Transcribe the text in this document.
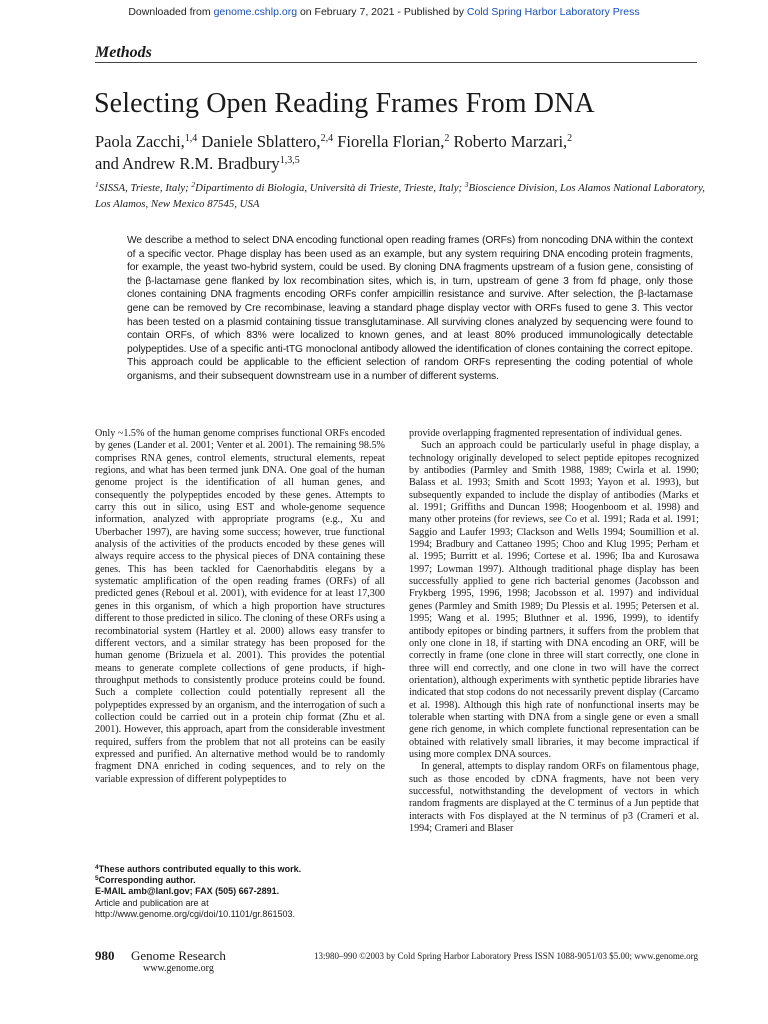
Downloaded from genome.cshlp.org on February 7, 2021 - Published by Cold Spring Harbor Laboratory Press
Methods
Selecting Open Reading Frames From DNA
Paola Zacchi,$^{1,4}$ Daniele Sblattero,$^{2,4}$ Fiorella Florian,$^2$ Roberto Marzari,$^2$
and Andrew R.M. Bradbury$^{1,3,5}$
$^1$SISSA, Trieste, Italy; $^2$Dipartimento di Biologia, Università di Trieste, Trieste, Italy; $^3$Bioscience Division, Los Alamos National Laboratory, Los Alamos, New Mexico 87545, USA
We describe a method to select DNA encoding functional open reading frames (ORFs) from noncoding DNA within the context of a specific vector. Phage display has been used as an example, but any system requiring DNA encoding protein fragments, for example, the yeast two-hybrid system, could be used. By cloning DNA fragments upstream of a fusion gene, consisting of the β-lactamase gene flanked by lox recombination sites, which is, in turn, upstream of gene 3 from fd phage, only those clones containing DNA fragments encoding ORFs confer ampicillin resistance and survive. After selection, the β-lactamase gene can be removed by Cre recombinase, leaving a standard phage display vector with ORFs fused to gene 3. This vector has been tested on a plasmid containing tissue transglutaminase. All surviving clones analyzed by sequencing were found to contain ORFs, of which 83% were localized to known genes, and at least 80% produced immunologically detectable polypeptides. Use of a specific anti-tTG monoclonal antibody allowed the identification of clones containing the correct epitope. This approach could be applicable to the efficient selection of random ORFs representing the coding potential of whole organisms, and their subsequent downstream use in a number of different systems.

Only ~1.5% of the human genome comprises functional ORFs encoded by genes (Lander et al. 2001; Venter et al. 2001). The remaining 98.5% comprises RNA genes, control elements, structural elements, repeat regions, and what has been termed junk DNA. One goal of the human genome project is the identification of all human genes, and consequently the polypeptides encoded by these genes. Attempts to carry this out in silico, using EST and whole-genome sequence information, analyzed with appropriate programs (e.g., Xu and Uberbacher 1997), are having some success; however, true functional analysis of the activities of the products encoded by these genes will always require access to the physical pieces of DNA containing these genes. This has been tackled for Caenorhabditis elegans by a systematic amplification of the open reading frames (ORFs) of all predicted genes (Reboul et al. 2001), with evidence for at least 17,300 genes in this organism, of which a high proportion have structures different to those predicted in silico. The cloning of these ORFs using a recombinatorial system (Hartley et al. 2000) allows easy transfer to different vectors, and a similar strategy has been proposed for the human genome (Brizuela et al. 2001). This provides the potential means to generate complete collections of gene products, if high-throughput methods to consistently produce proteins could be found. Such a complete collection could potentially represent all the polypeptides expressed by an organism, and the interrogation of such a collection could be carried out in a protein chip format (Zhu et al. 2001). However, this approach, apart from the considerable investment required, suffers from the problem that not all proteins can be easily expressed and purified. An alternative method would be to randomly fragment DNA enriched in coding sequences, and to rely on the variable expression of different polypeptides to

provide overlapping fragmented representation of individual genes.

Such an approach could be particularly useful in phage display, a technology originally developed to select peptide epitopes recognized by antibodies (Parmley and Smith 1988, 1989; Cwirla et al. 1990; Balass et al. 1993; Smith and Scott 1993; Yayon et al. 1993), but subsequently expanded to include the display of antibodies (Marks et al. 1991; Griffiths and Duncan 1998; Hoogenboom et al. 1998) and many other proteins (for reviews, see Co et al. 1991; Rada et al. 1991; Saggio and Laufer 1993; Clackson and Wells 1994; Soumillion et al. 1994; Bradbury and Cattaneo 1995; Choo and Klug 1995; Perham et al. 1995; Burritt et al. 1996; Cortese et al. 1996; Iba and Kurosawa 1997; Lowman 1997). Although traditional phage display has been successfully applied to gene rich bacterial genomes (Jacobsson and Frykberg 1995, 1996, 1998; Jacobsson et al. 1997) and individual genes (Parmley and Smith 1989; Du Plessis et al. 1995; Petersen et al. 1995; Wang et al. 1995; Bluthner et al. 1996, 1999), to identify antibody epitopes or binding partners, it suffers from the problem that only one clone in 18, if starting with DNA encoding an ORF, will be correctly in frame (one clone in three will start correctly, one clone in three will end correctly, and one clone in two will have the correct orientation), although experiments with synthetic peptide libraries have indicated that stop codons do not necessarily prevent display (Carcamo et al. 1998). Although this high rate of nonfunctional inserts may be tolerable when starting with DNA from a single gene or even a small gene rich genome, in which complete functional representation can be obtained with relatively small libraries, it may become impractical if using more complex DNA sources.

In general, attempts to display random ORFs on filamentous phage, such as those encoded by cDNA fragments, have not been very successful, notwithstanding the development of vectors in which random fragments are displayed at the C terminus of a Jun peptide that interacts with Fos displayed at the N terminus of p3 (Crameri et al. 1994; Crameri and Blaser

$^4$These authors contributed equally to this work.
$^5$Corresponding author.
E-MAIL amb@lanl.gov; FAX (505) 667-2891.
Article and publication are at http://www.genome.org/cgi/doi/10.1101/gr.861503.
980 Genome Research
www.genome.org
13:980–990 ©2003 by Cold Spring Harbor Laboratory Press ISSN 1088-9051/03 $5.00; www.genome.org
